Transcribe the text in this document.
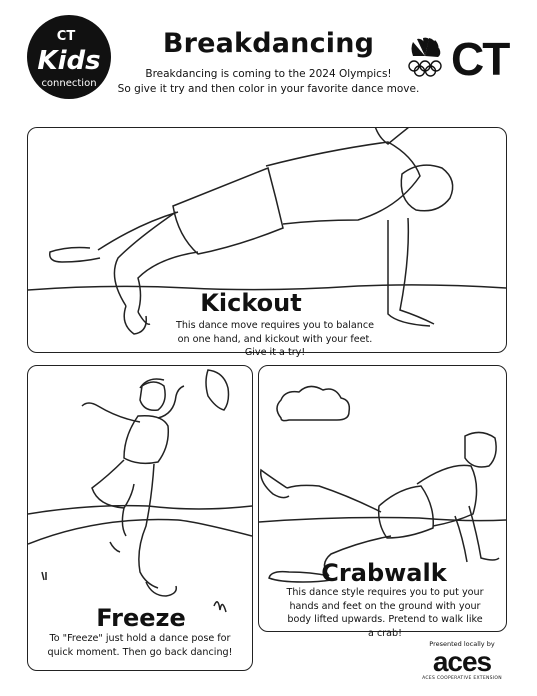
CT
Kids
connection	CT
Breakdancing
Breakdancing is coming to the 2024 Olympics!
So give it try and then color in your favorite dance move.
Kickout
This dance move requires you to balance on one hand, and kickout with your feet. Give it a try!
Freeze
To "Freeze" just hold a dance pose for quick moment. Then go back dancing!
Crabwalk
This dance style requires you to put your hands and feet on the ground with your body lifted upwards. Pretend to walk like a crab!
Presented locally by
aces
ACES COOPERATIVE EXTENSION
